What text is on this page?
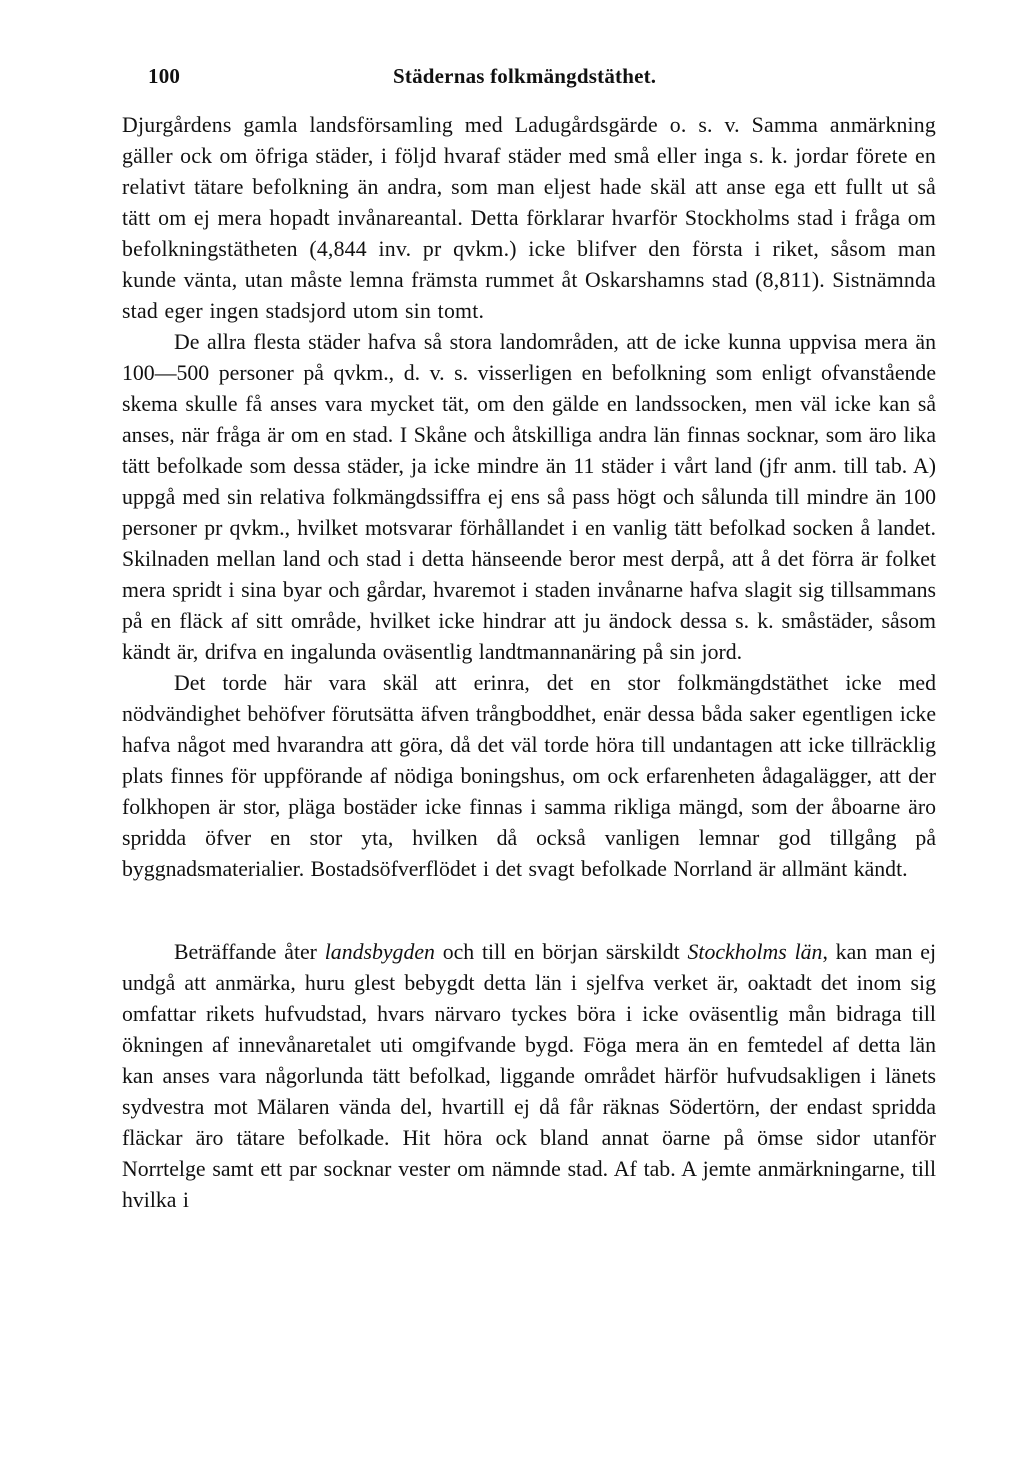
100	Städernas folkmängdstäthet.

Djurgårdens gamla landsförsamling med Ladugårdsgärde o. s. v. Samma anmärkning gäller ock om öfriga städer, i följd hvaraf städer med små eller inga s. k. jordar förete en relativt tätare befolkning än andra, som man eljest hade skäl att anse ega ett fullt ut så tätt om ej mera hopadt invånareantal. Detta förklarar hvarför Stockholms stad i fråga om befolkningstätheten (4,844 inv. pr qvkm.) icke blifver den första i riket, såsom man kunde vänta, utan måste lemna främsta rummet åt Oskarshamns stad (8,811). Sistnämnda stad eger ingen stadsjord utom sin tomt.

De allra flesta städer hafva så stora landområden, att de icke kunna uppvisa mera än 100—500 personer på qvkm., d. v. s. visserligen en befolkning som enligt ofvanstående skema skulle få anses vara mycket tät, om den gälde en landssocken, men väl icke kan så anses, när fråga är om en stad. I Skåne och åtskilliga andra län finnas socknar, som äro lika tätt befolkade som dessa städer, ja icke mindre än 11 städer i vårt land (jfr anm. till tab. A) uppgå med sin relativa folkmängdssiffra ej ens så pass högt och sålunda till mindre än 100 personer pr qvkm., hvilket motsvarar förhållandet i en vanlig tätt befolkad socken å landet. Skilnaden mellan land och stad i detta hänseende beror mest derpå, att å det förra är folket mera spridt i sina byar och gårdar, hvaremot i staden invånarne hafva slagit sig tillsammans på en fläck af sitt område, hvilket icke hindrar att ju ändock dessa s. k. småstäder, såsom kändt är, drifva en ingalunda oväsentlig landtmannanäring på sin jord.

Det torde här vara skäl att erinra, det en stor folkmängdstäthet icke med nödvändighet behöfver förutsätta äfven trångboddhet, enär dessa båda saker egentligen icke hafva något med hvarandra att göra, då det väl torde höra till undantagen att icke tillräcklig plats finnes för uppförande af nödiga boningshus, om ock erfarenheten ådagalägger, att der folkhopen är stor, pläga bostäder icke finnas i samma rikliga mängd, som der åboarne äro spridda öfver en stor yta, hvilken då också vanligen lemnar god tillgång på byggnadsmaterialier. Bostadsöfverflödet i det svagt befolkade Norrland är allmänt kändt.

Beträffande åter landsbygden och till en början särskildt Stockholms län, kan man ej undgå att anmärka, huru glest bebygdt detta län i sjelfva verket är, oaktadt det inom sig omfattar rikets hufvudstad, hvars närvaro tyckes böra i icke oväsentlig mån bidraga till ökningen af innevånaretalet uti omgifvande bygd. Föga mera än en femtedel af detta län kan anses vara någorlunda tätt befolkad, liggande området härför hufvudsakligen i länets sydvestra mot Mälaren vända del, hvartill ej då får räknas Södertörn, der endast spridda fläckar äro tätare befolkade. Hit höra ock bland annat öarne på ömse sidor utanför Norrtelge samt ett par socknar vester om nämnde stad. Af tab. A jemte anmärkningarne, till hvilka i
